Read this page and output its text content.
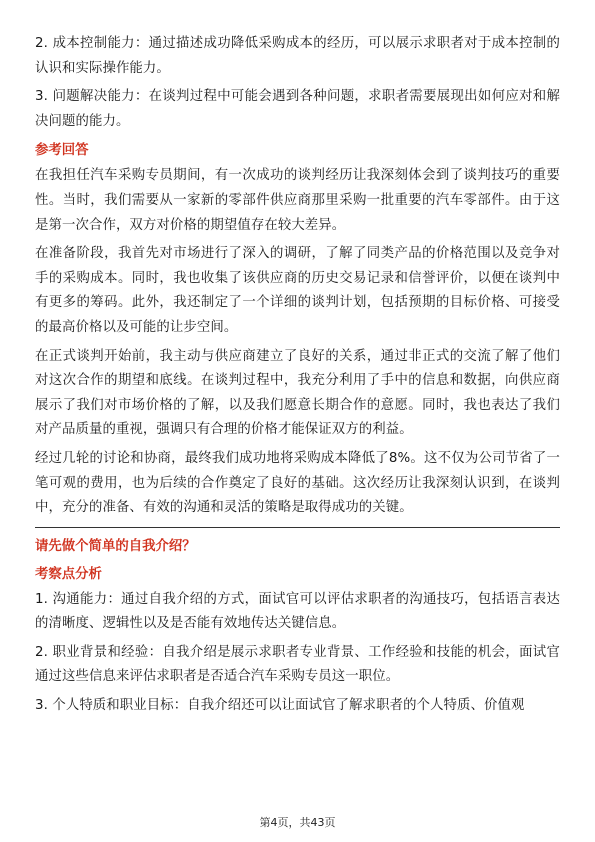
2. 成本控制能力：通过描述成功降低采购成本的经历，可以展示求职者对于成本控制的认识和实际操作能力。

3. 问题解决能力：在谈判过程中可能会遇到各种问题，求职者需要展现出如何应对和解决问题的能力。

参考回答

在我担任汽车采购专员期间，有一次成功的谈判经历让我深刻体会到了谈判技巧的重要性。当时，我们需要从一家新的零部件供应商那里采购一批重要的汽车零部件。由于这是第一次合作，双方对价格的期望值存在较大差异。

在准备阶段，我首先对市场进行了深入的调研，了解了同类产品的价格范围以及竞争对手的采购成本。同时，我也收集了该供应商的历史交易记录和信誉评价，以便在谈判中有更多的筹码。此外，我还制定了一个详细的谈判计划，包括预期的目标价格、可接受的最高价格以及可能的让步空间。

在正式谈判开始前，我主动与供应商建立了良好的关系，通过非正式的交流了解了他们对这次合作的期望和底线。在谈判过程中，我充分利用了手中的信息和数据，向供应商展示了我们对市场价格的了解，以及我们愿意长期合作的意愿。同时，我也表达了我们对产品质量的重视，强调只有合理的价格才能保证双方的利益。

经过几轮的讨论和协商，最终我们成功地将采购成本降低了8%。这不仅为公司节省了一笔可观的费用，也为后续的合作奠定了良好的基础。这次经历让我深刻认识到，在谈判中，充分的准备、有效的沟通和灵活的策略是取得成功的关键。

请先做个简单的自我介绍？
考察点分析

1. 沟通能力：通过自我介绍的方式，面试官可以评估求职者的沟通技巧，包括语言表达的清晰度、逻辑性以及是否能有效地传达关键信息。

2. 职业背景和经验：自我介绍是展示求职者专业背景、工作经验和技能的机会，面试官通过这些信息来评估求职者是否适合汽车采购专员这一职位。

3. 个人特质和职业目标：自我介绍还可以让面试官了解求职者的个人特质、价值观

第4页，共43页
